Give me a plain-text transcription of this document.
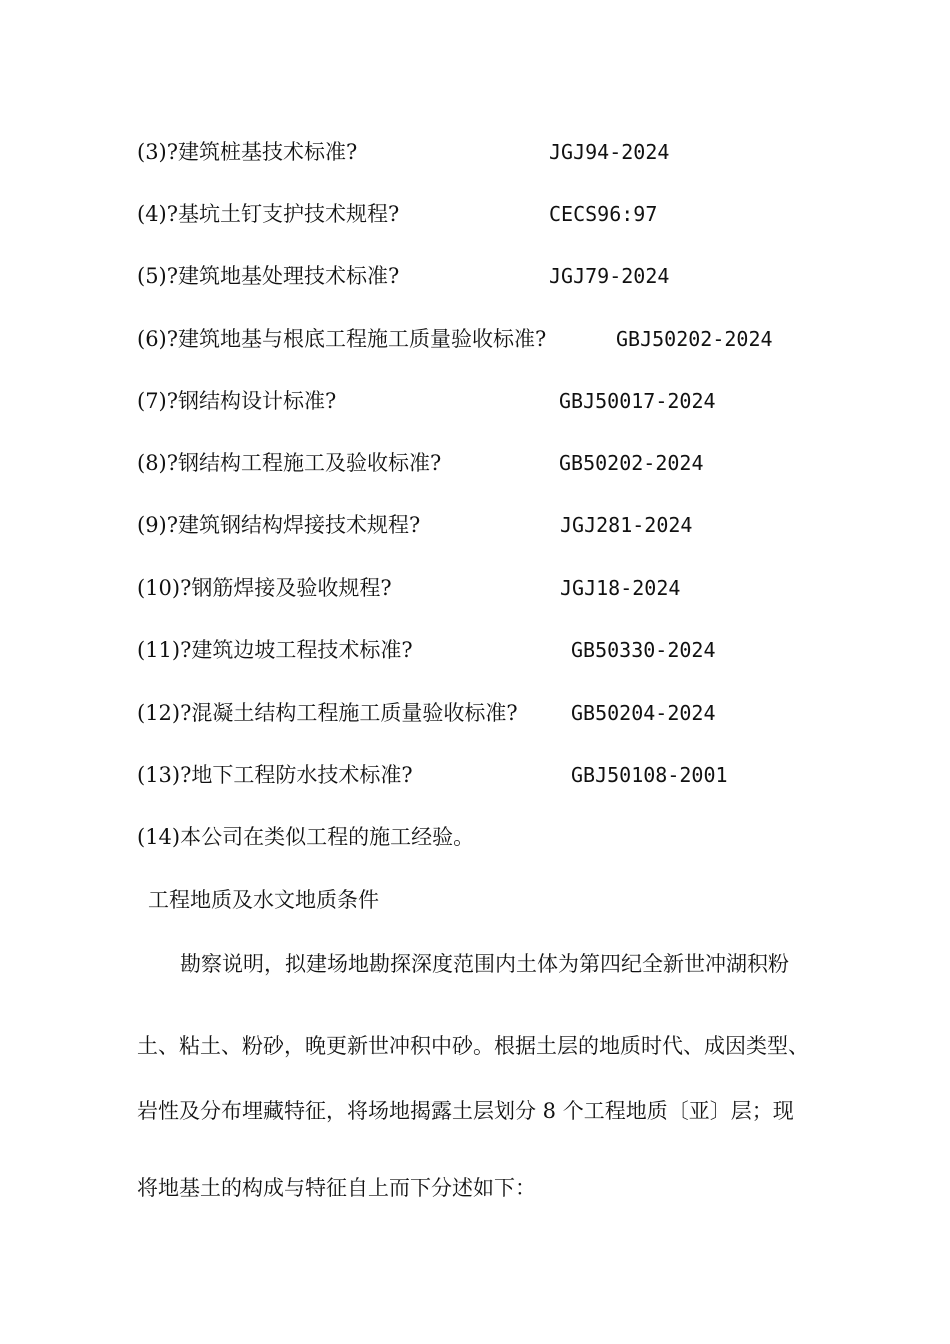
(3)?建筑桩基技术标准?	JGJ94-2024
(4)?基坑土钉支护技术规程?	CECS96:97
(5)?建筑地基处理技术标准?	JGJ79-2024
(6)?建筑地基与根底工程施工质量验收标准?	GBJ50202-2024
(7)?钢结构设计标准?	GBJ50017-2024
(8)?钢结构工程施工及验收标准?	GB50202-2024
(9)?建筑钢结构焊接技术规程?	JGJ281-2024
(10)?钢筋焊接及验收规程?	JGJ18-2024
(11)?建筑边坡工程技术标准?	GB50330-2024
(12)?混凝土结构工程施工质量验收标准?	GB50204-2024
(13)?地下工程防水技术标准?	GBJ50108-2001
(14)本公司在类似工程的施工经验。
工程地质及水文地质条件
勘察说明，拟建场地勘探深度范围内土体为第四纪全新世冲湖积粉
土、粘土、粉砂，晚更新世冲积中砂。根据土层的地质时代、成因类型、
岩性及分布埋藏特征，将场地揭露土层划分 8 个工程地质〔亚〕层；现
将地基土的构成与特征自上而下分述如下：
